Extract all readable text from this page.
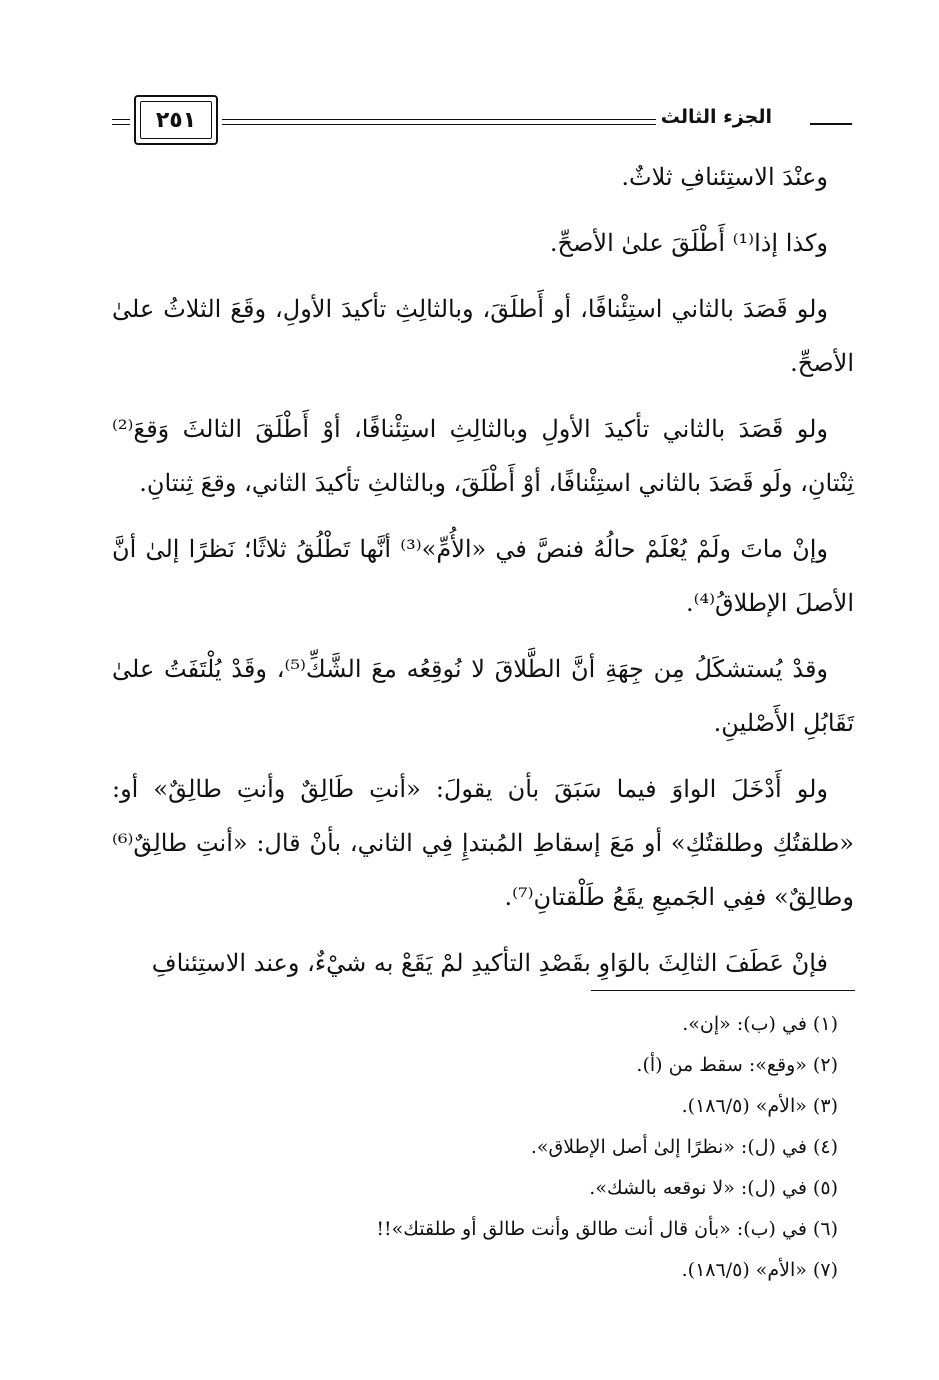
الجزء الثالث
٢٥١

وعنْدَ الاستِئنافِ ثلاثٌ.

وكذا إذا⁽¹⁾ أَطْلَقَ علىٰ الأصحِّ.

ولو قَصَدَ بالثاني استِئْنافًا، أو أَطلَقَ، وبالثالِثِ تأكيدَ الأولِ، وقَعَ الثلاثُ علىٰ الأصحِّ.

ولو قَصَدَ بالثاني تأكيدَ الأولِ وبالثالِثِ استِئْنافًا، أوْ أَطْلَقَ الثالثَ وَقعَ⁽²⁾ ثِنْتانِ، ولَو قَصَدَ بالثاني استِئْنافًا، أوْ أَطْلَقَ، وبالثالثِ تأكيدَ الثاني، وقعَ ثِنتانِ.

وإنْ ماتَ ولَمْ يُعْلَمْ حالُهُ فنصَّ في «الأُمِّ»⁽³⁾ أنَّها تَطْلُقُ ثلاثًا؛ نَظرًا إلىٰ أنَّ الأصلَ الإطلاقُ⁽⁴⁾.

وقدْ يُستشكَلُ مِن جِهَةِ أنَّ الطَّلاقَ لا نُوقِعُه معَ الشَّكِّ⁽⁵⁾، وقَدْ يُلْتَفَتُ علىٰ تَقَابُلِ الأَصْلينِ.

ولو أَدْخَلَ الواوَ فيما سَبَقَ بأن يقولَ: «أنتِ طَالِقٌ وأنتِ طالِقٌ» أو: «طلقتُكِ وطلقتُكِ» أو مَعَ إسقاطِ المُبتدإِ فِي الثاني، بأنْ قال: «أنتِ طالِقٌ⁽⁶⁾ وطالِقٌ» ففِي الجَميعِ يقَعُ طَلْقتانِ⁽⁷⁾.

فإنْ عَطَفَ الثالِثَ بالوَاوِ بقَصْدِ التأكيدِ لمْ يَقَعْ به شيْءٌ، وعند الاستِئنافِ

(١) في (ب): «إن».

(٢) «وقع»: سقط من (أ).

(٣) «الأم» (١٨٦/٥).

(٤) في (ل): «نظرًا إلىٰ أصل الإطلاق».

(٥) في (ل): «لا نوقعه بالشك».

(٦) في (ب): «بأن قال أنت طالق وأنت طالق أو طلقتك»!!

(٧) «الأم» (١٨٦/٥).
